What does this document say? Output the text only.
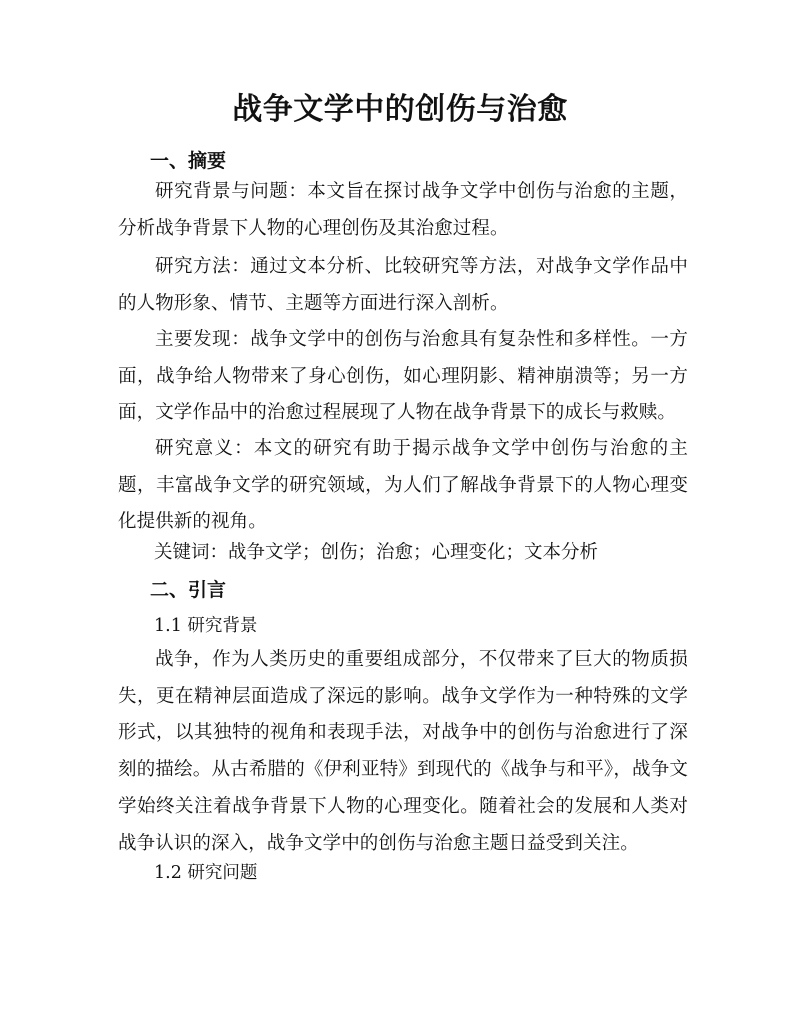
战争文学中的创伤与治愈
一、摘要

研究背景与问题：本文旨在探讨战争文学中创伤与治愈的主题，分析战争背景下人物的心理创伤及其治愈过程。

研究方法：通过文本分析、比较研究等方法，对战争文学作品中的人物形象、情节、主题等方面进行深入剖析。

主要发现：战争文学中的创伤与治愈具有复杂性和多样性。一方面，战争给人物带来了身心创伤，如心理阴影、精神崩溃等；另一方面，文学作品中的治愈过程展现了人物在战争背景下的成长与救赎。

研究意义：本文的研究有助于揭示战争文学中创伤与治愈的主题，丰富战争文学的研究领域，为人们了解战争背景下的人物心理变化提供新的视角。

关键词：战争文学；创伤；治愈；心理变化；文本分析
二、引言
1.1 研究背景

战争，作为人类历史的重要组成部分，不仅带来了巨大的物质损失，更在精神层面造成了深远的影响。战争文学作为一种特殊的文学形式，以其独特的视角和表现手法，对战争中的创伤与治愈进行了深刻的描绘。从古希腊的《伊利亚特》到现代的《战争与和平》，战争文学始终关注着战争背景下人物的心理变化。随着社会的发展和人类对战争认识的深入，战争文学中的创伤与治愈主题日益受到关注。

1.2 研究问题
